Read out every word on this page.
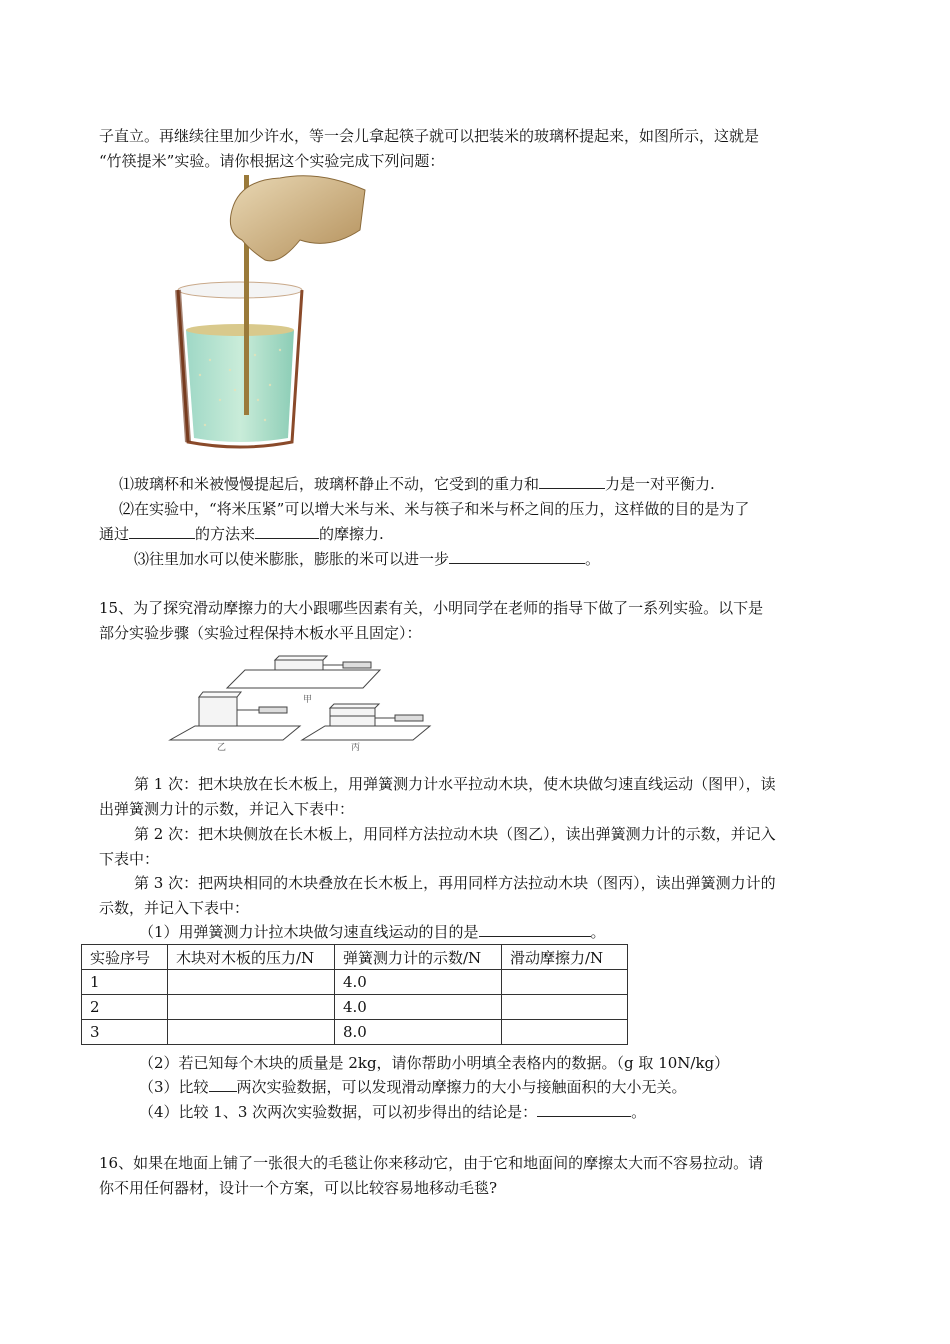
子直立。再继续往里加少许水，等一会儿拿起筷子就可以把装米的玻璃杯提起来，如图所示，这就是
“竹筷提米”实验。请你根据这个实验完成下列问题：
⑴玻璃杯和米被慢慢提起后，玻璃杯静止不动，它受到的重力和	力是一对平衡力.
⑵在实验中，“将米压紧”可以增大米与米、米与筷子和米与杯之间的压力，这样做的目的是为了
通过	的方法来	的摩擦力.
⑶往里加水可以使米膨胀，膨胀的米可以进一步	。
15、为了探究滑动摩擦力的大小跟哪些因素有关，小明同学在老师的指导下做了一系列实验。以下是
部分实验步骤（实验过程保持木板水平且固定）：
甲
乙	丙
第 1 次：把木块放在长木板上，用弹簧测力计水平拉动木块，使木块做匀速直线运动（图甲），读
出弹簧测力计的示数，并记入下表中：
第 2 次：把木块侧放在长木板上，用同样方法拉动木块（图乙），读出弹簧测力计的示数，并记入
下表中：
第 3 次：把两块相同的木块叠放在长木板上，再用同样方法拉动木块（图丙），读出弹簧测力计的
示数，并记入下表中：
（1）用弹簧测力计拉木块做匀速直线运动的目的是	。
实验序号	木块对木板的压力/N	弹簧测力计的示数/N	滑动摩擦力/N
1		4.0	
2		4.0	
3		8.0	
（2）若已知每个木块的质量是 2kg，请你帮助小明填全表格内的数据。（g 取 10N/kg）
（3）比较 两次实验数据，可以发现滑动摩擦力的大小与接触面积的大小无关。
（4）比较 1、3 次两次实验数据，可以初步得出的结论是：	。
16、如果在地面上铺了一张很大的毛毯让你来移动它，由于它和地面间的摩擦太大而不容易拉动。请
你不用任何器材，设计一个方案，可以比较容易地移动毛毯?
